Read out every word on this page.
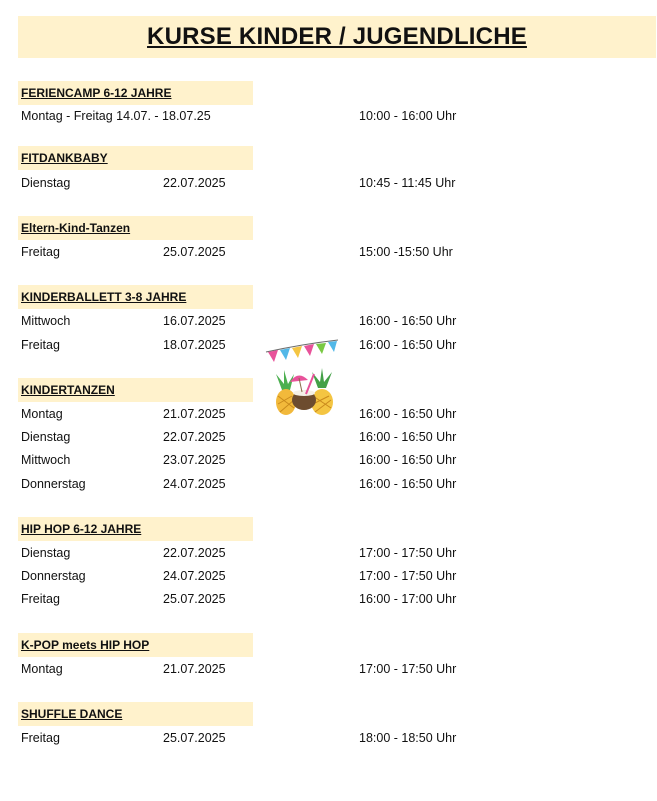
KURSE KINDER / JUGENDLICHE
FERIENCAMP 6-12 JAHRE
Montag - Freitag 14.07. - 18.07.25	10:00 - 16:00 Uhr
FITDANKBABY
Dienstag	22.07.2025	10:45 - 11:45 Uhr
Eltern-Kind-Tanzen
Freitag	25.07.2025	15:00 -15:50 Uhr
KINDERBALLETT 3-8 JAHRE
Mittwoch	16.07.2025	16:00 - 16:50 Uhr
Freitag	18.07.2025	16:00 - 16:50 Uhr
KINDERTANZEN
Montag	21.07.2025	16:00 - 16:50 Uhr
Dienstag	22.07.2025	16:00 - 16:50 Uhr
Mittwoch	23.07.2025	16:00 - 16:50 Uhr
Donnerstag	24.07.2025	16:00 - 16:50 Uhr
HIP HOP 6-12 JAHRE
Dienstag	22.07.2025	17:00 - 17:50 Uhr
Donnerstag	24.07.2025	17:00 - 17:50 Uhr
Freitag	25.07.2025	16:00 - 17:00 Uhr
K-POP meets HIP HOP
Montag	21.07.2025	17:00 - 17:50 Uhr
SHUFFLE DANCE
Freitag	25.07.2025	18:00 - 18:50 Uhr
